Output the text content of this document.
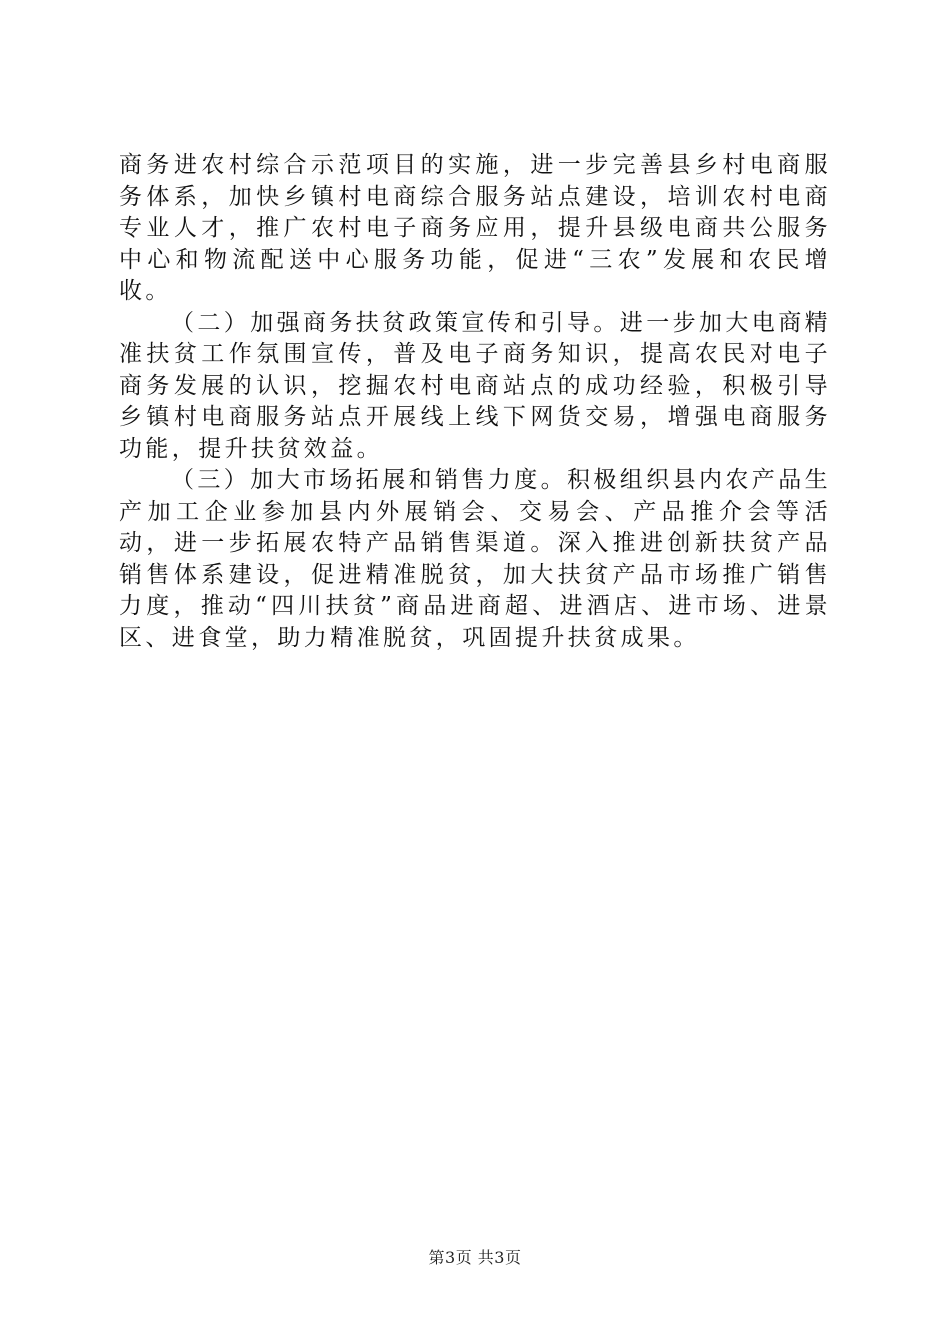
商务进农村综合示范项目的实施，进一步完善县乡村电商服务体系，加快乡镇村电商综合服务站点建设，培训农村电商专业人才，推广农村电子商务应用，提升县级电商共公服务中心和物流配送中心服务功能，促进“三农”发展和农民增收。

（二）加强商务扶贫政策宣传和引导。进一步加大电商精准扶贫工作氛围宣传，普及电子商务知识，提高农民对电子商务发展的认识，挖掘农村电商站点的成功经验，积极引导乡镇村电商服务站点开展线上线下网货交易，增强电商服务功能，提升扶贫效益。

（三）加大市场拓展和销售力度。积极组织县内农产品生产加工企业参加县内外展销会、交易会、产品推介会等活动，进一步拓展农特产品销售渠道。深入推进创新扶贫产品销售体系建设，促进精准脱贫，加大扶贫产品市场推广销售力度，推动“四川扶贫”商品进商超、进酒店、进市场、进景区、进食堂，助力精准脱贫，巩固提升扶贫成果。

第3页 共3页
